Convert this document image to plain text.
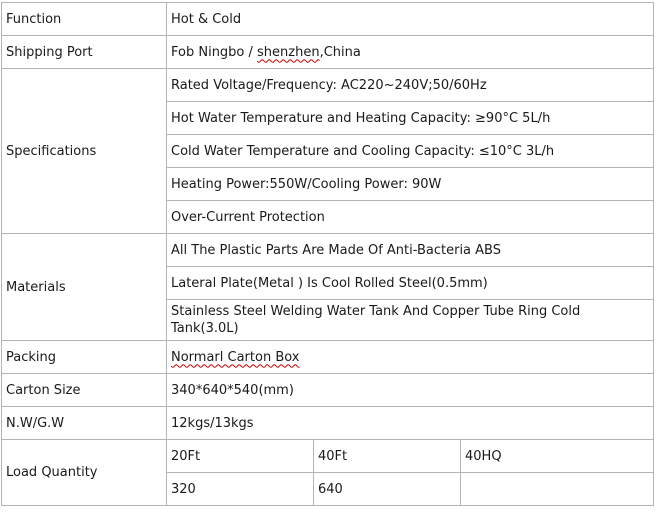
Function	Hot & Cold		
Shipping Port	Fob Ningbo / shenzhen,China		
Specifications	Rated Voltage/Frequency: AC220~240V;50/60Hz		
	Hot Water Temperature and Heating Capacity: ≥90°C 5L/h		
	Cold Water Temperature and Cooling Capacity: ≤10°C 3L/h		
	Heating Power:550W/Cooling Power: 90W		
	Over-Current Protection		
Materials	All The Plastic Parts Are Made Of Anti-Bacteria ABS		
	Lateral Plate(Metal ) Is Cool Rolled Steel(0.5mm)		
	Stainless Steel Welding Water Tank And Copper Tube Ring Cold Tank(3.0L)		
Packing	Normarl Carton Box		
Carton Size	340*640*540(mm)		
N.W/G.W	12kgs/13kgs		
Load Quantity	20Ft	40Ft	40HQ
	320	640	
